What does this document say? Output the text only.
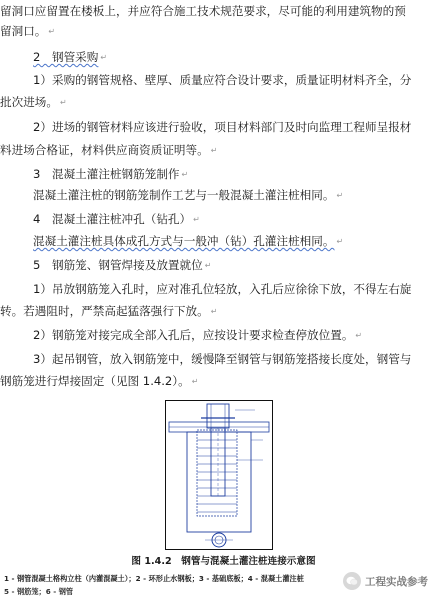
留洞口应留置在楼板上，并应符合施工技术规范要求，尽可能的利用建筑物的预

留洞口。 ↵

2　钢管采购 ↵

1）采购的钢管规格、壁厚、质量应符合设计要求，质量证明材料齐全，分

批次进场。 ↵

2）进场的钢管材料应该进行验收，项目材料部门及时向监理工程师呈报材

料进场合格证，材料供应商资质证明等。 ↵

3　混凝土灌注桩钢筋笼制作 ↵

混凝土灌注桩的钢筋笼制作工艺与一般混凝土灌注桩相同。 ↵

4　混凝土灌注桩冲孔（钻孔） ↵

混凝土灌注桩具体成孔方式与一般冲（钻）孔灌注桩相同。 ↵

5　钢筋笼、钢管焊接及放置就位 ↵

1）吊放钢筋笼入孔时，应对准孔位轻放，入孔后应徐徐下放，不得左右旋

转。若遇阻时，严禁高起猛落强行下放。 ↵

2）钢筋笼对接完成全部入孔后，应按设计要求检查停放位置。 ↵

3）起吊钢管，放入钢筋笼中，缓慢降至钢管与钢筋笼搭接长度处，钢管与

钢筋笼进行焊接固定（见图 1.4.2）。 ↵

图 1.4.2　钢管与混凝土灌注桩连接示意图
1 - 钢管混凝土格构立柱（内灌混凝土）；2 - 环形止水钢板；3 - 基础底板；4 - 混凝土灌注桩
5 - 钢筋笼；6 - 钢管
工程实战参考
